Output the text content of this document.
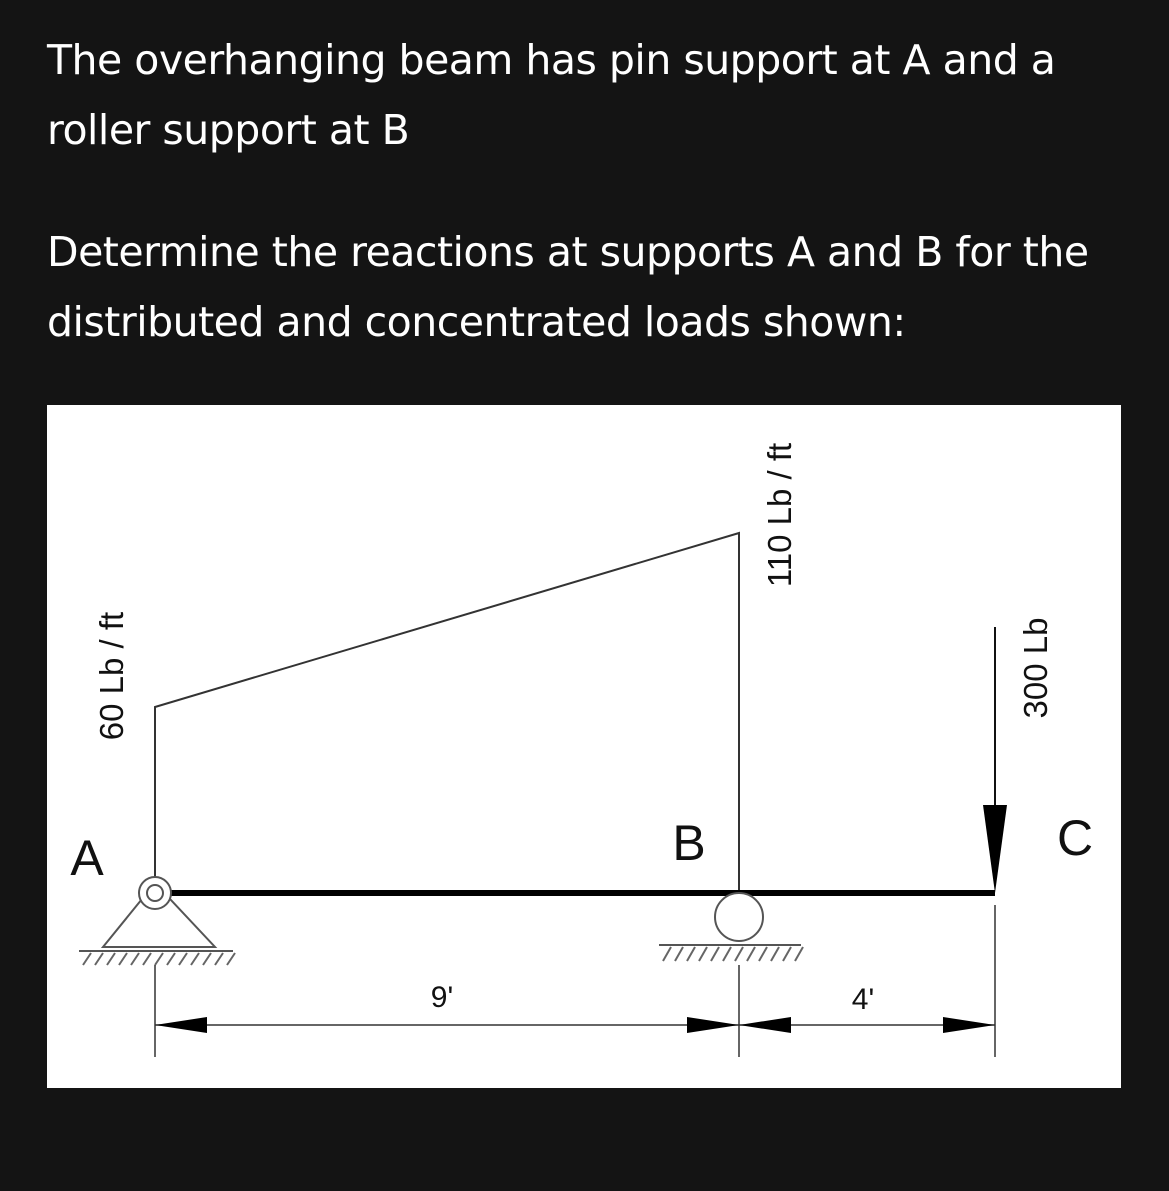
The overhanging beam has pin support at A and a roller support at B

Determine the reactions at supports A and B for the distributed and concentrated loads shown:

A	B	C
60 Lb / ft
110 Lb / ft
300 Lb
9'	4'
